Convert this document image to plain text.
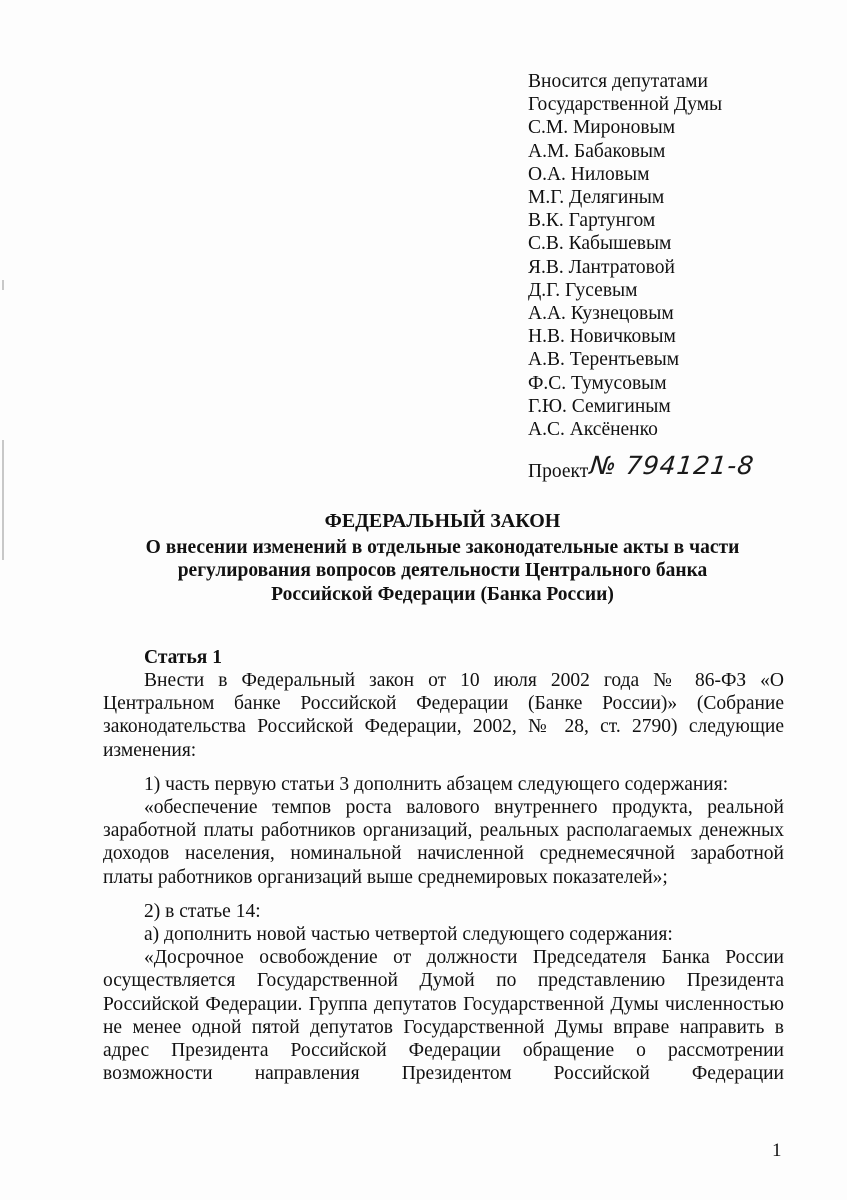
Вносится депутатами
Государственной Думы
С.М. Мироновым
А.М. Бабаковым
О.А. Ниловым
М.Г. Делягиным
В.К. Гартунгом
С.В. Кабышевым
Я.В. Лантратовой
Д.Г. Гусевым
А.А. Кузнецовым
Н.В. Новичковым
А.В. Терентьевым
Ф.С. Тумусовым
Г.Ю. Семигиным
А.С. Аксёненко
Проект№ 794121-8
ФЕДЕРАЛЬНЫЙ ЗАКОН
О внесении изменений в отдельные законодательные акты в части
регулирования вопросов деятельности Центрального банка
Российской Федерации (Банка России)
Статья 1

Внести в Федеральный закон от 10 июля 2002 года № 86-ФЗ «О Центральном банке Российской Федерации (Банке России)» (Собрание законодательства Российской Федерации, 2002, № 28, ст. 2790) следующие изменения:

1) часть первую статьи 3 дополнить абзацем следующего содержания:

«обеспечение темпов роста валового внутреннего продукта, реальной заработной платы работников организаций, реальных располагаемых денежных доходов населения, номинальной начисленной среднемесячной заработной платы работников организаций выше среднемировых показателей»;

2) в статье 14:

а) дополнить новой частью четвертой следующего содержания:

«Досрочное освобождение от должности Председателя Банка России осуществляется Государственной Думой по представлению Президента Российской Федерации. Группа депутатов Государственной Думы численностью не менее одной пятой депутатов Государственной Думы вправе направить в адрес Президента Российской Федерации обращение о рассмотрении возможности направления Президентом Российской Федерации

1
